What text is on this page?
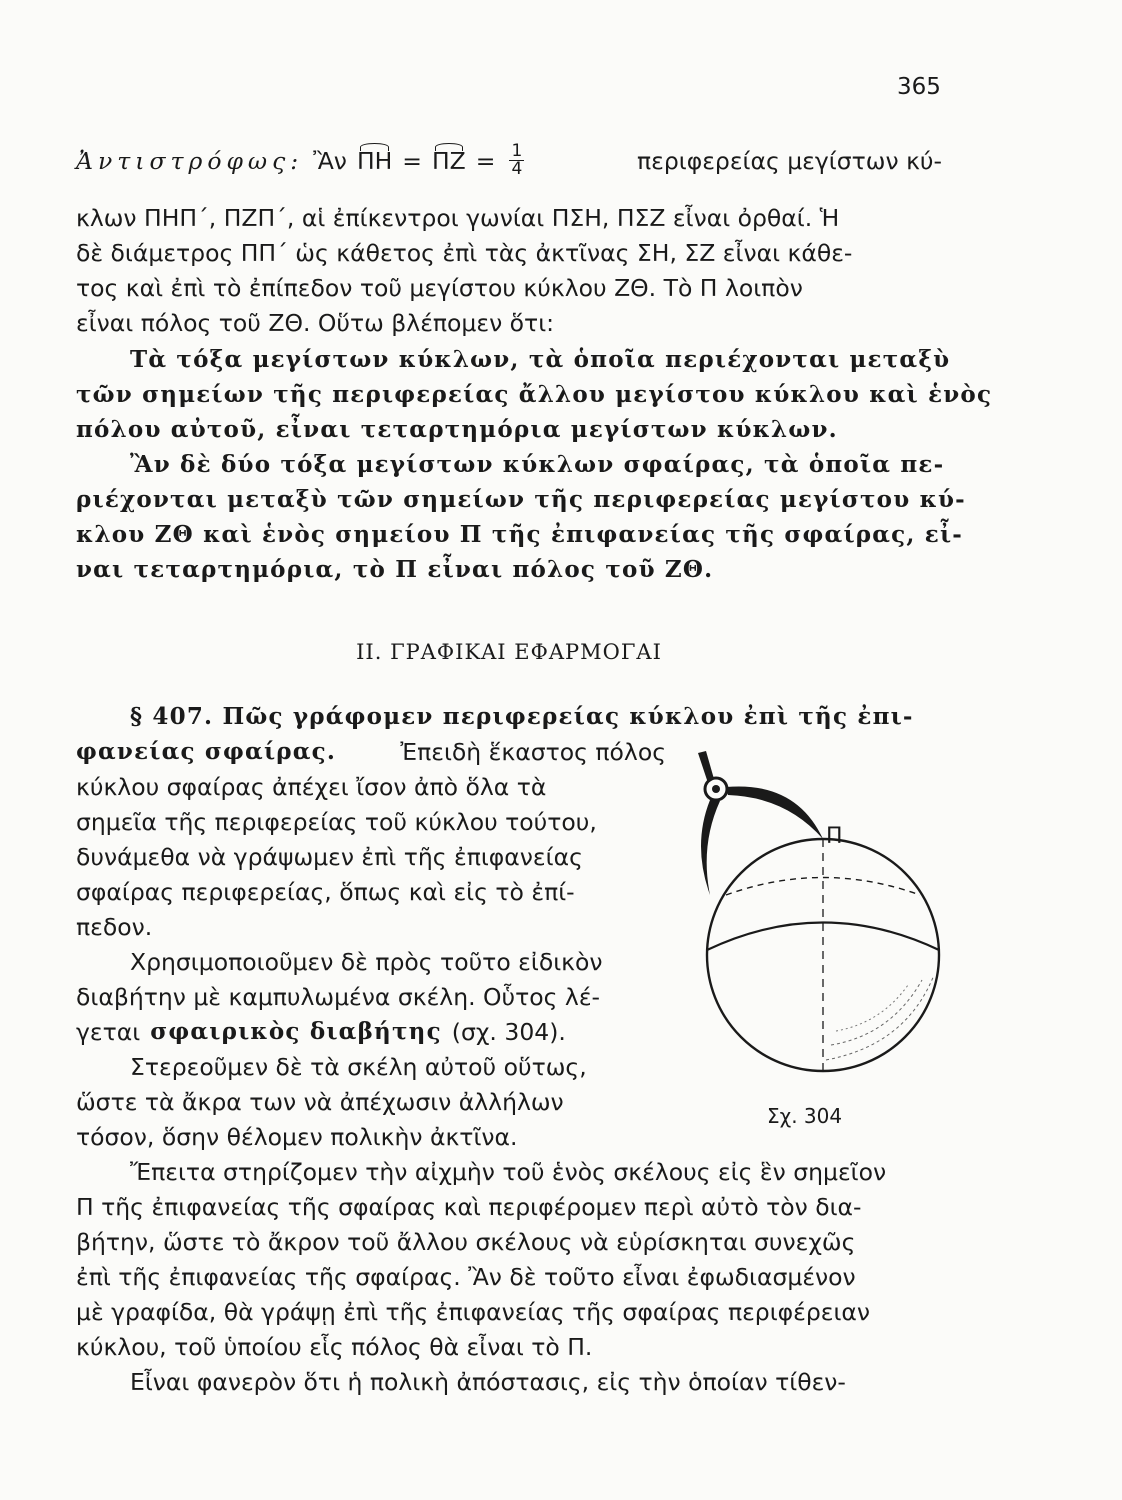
365
Ἀντιστρόφως: Ἂν $\Pi H = \Pi Z = \frac{1}{4}$	περιφερείας μεγίστων κύ-
κλων ΠΗΠ΄, ΠΖΠ΄, αἱ ἐπίκεντροι γωνίαι ΠΣΗ, ΠΣΖ εἶναι ὀρθαί. Ἡ
δὲ διάμετρος ΠΠ΄ ὡς κάθετος ἐπὶ τὰς ἀκτῖνας ΣΗ, ΣΖ εἶναι κάθε-
τος καὶ ἐπὶ τὸ ἐπίπεδον τοῦ μεγίστου κύκλου ΖΘ. Τὸ Π λοιπὸν
εἶναι πόλος τοῦ ΖΘ. Οὕτω βλέπομεν ὅτι:
Τὰ τόξα μεγίστων κύκλων, τὰ ὁποῖα περιέχονται μεταξὺ
τῶν σημείων τῆς περιφερείας ἄλλου μεγίστου κύκλου καὶ ἑνὸς
πόλου αὐτοῦ, εἶναι τεταρτημόρια μεγίστων κύκλων.
Ἂν δὲ δύο τόξα μεγίστων κύκλων σφαίρας, τὰ ὁποῖα πε-
ριέχονται μεταξὺ τῶν σημείων τῆς περιφερείας μεγίστου κύ-
κλου ΖΘ καὶ ἑνὸς σημείου Π τῆς ἐπιφανείας τῆς σφαίρας, εἶ-
ναι τεταρτημόρια, τὸ Π εἶναι πόλος τοῦ ΖΘ.
II. ΓΡΑΦΙΚΑΙ ΕΦΑΡΜΟΓΑΙ
§ 407. Πῶς γράφομεν περιφερείας κύκλου ἐπὶ τῆς ἐπι-
φανείας σφαίρας.	Ἐπειδὴ ἕκαστος πόλος
κύκλου σφαίρας ἀπέχει ἴσον ἀπὸ ὅλα τὰ
σημεῖα τῆς περιφερείας τοῦ κύκλου τούτου,
δυνάμεθα νὰ γράψωμεν ἐπὶ τῆς ἐπιφανείας
σφαίρας περιφερείας, ὅπως καὶ εἰς τὸ ἐπί-
πεδον.
Χρησιμοποιοῦμεν δὲ πρὸς τοῦτο εἰδικὸν
διαβήτην μὲ καμπυλωμένα σκέλη. Οὗτος λέ-
γεται σφαιρικὸς διαβήτης (σχ. 304).
Στερεοῦμεν δὲ τὰ σκέλη αὐτοῦ οὕτως,
ὥστε τὰ ἄκρα των νὰ ἀπέχωσιν ἀλλήλων
τόσον, ὅσην θέλομεν πολικὴν ἀκτῖνα.
Π
Σχ. 304
Ἔπειτα στηρίζομεν τὴν αἰχμὴν τοῦ ἑνὸς σκέλους εἰς ἓν σημεῖον
Π τῆς ἐπιφανείας τῆς σφαίρας καὶ περιφέρομεν περὶ αὐτὸ τὸν δια-
βήτην, ὥστε τὸ ἄκρον τοῦ ἄλλου σκέλους νὰ εὑρίσκηται συνεχῶς
ἐπὶ τῆς ἐπιφανείας τῆς σφαίρας. Ἂν δὲ τοῦτο εἶναι ἐφωδιασμένον
μὲ γραφίδα, θὰ γράψῃ ἐπὶ τῆς ἐπιφανείας τῆς σφαίρας περιφέρειαν
κύκλου, τοῦ ὑποίου εἷς πόλος θὰ εἶναι τὸ Π.
Εἶναι φανερὸν ὅτι ἡ πολικὴ ἀπόστασις, εἰς τὴν ὁποίαν τίθεν-
